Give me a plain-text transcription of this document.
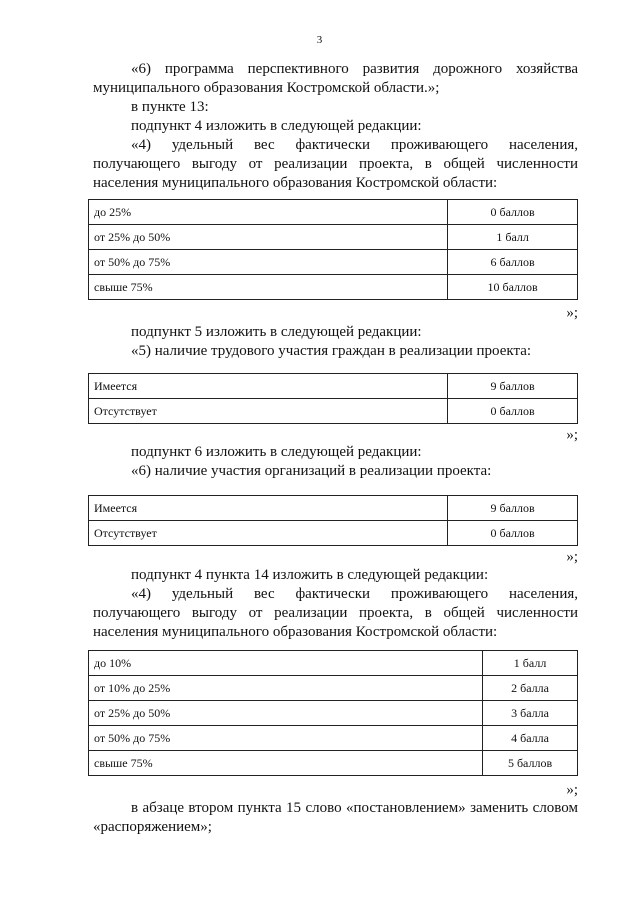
3

«6) программа перспективного развития дорожного хозяйства муниципального образования Костромской области.»;

в пункте 13:

подпункт 4 изложить в следующей редакции:

«4) удельный вес фактически проживающего населения,

получающего выгоду от реализации проекта, в общей численности населения муниципального образования Костромской области:

до 25%	0 баллов
от 25% до 50%	1 балл
от 50% до 75%	6 баллов
свыше 75%	10 баллов
»;

подпункт 5 изложить в следующей редакции:

«5) наличие трудового участия граждан в реализации проекта:

Имеется	9 баллов
Отсутствует	0 баллов
»;

подпункт 6 изложить в следующей редакции:

«6) наличие участия организаций в реализации проекта:

Имеется	9 баллов
Отсутствует	0 баллов
»;

подпункт 4 пункта 14 изложить в следующей редакции:

«4) удельный вес фактически проживающего населения,

получающего выгоду от реализации проекта, в общей численности населения муниципального образования Костромской области:

до 10%	1 балл
от 10% до 25%	2 балла
от 25% до 50%	3 балла
от 50% до 75%	4 балла
свыше 75%	5 баллов
»;

в абзаце втором пункта 15 слово «постановлением» заменить словом «распоряжением»;
